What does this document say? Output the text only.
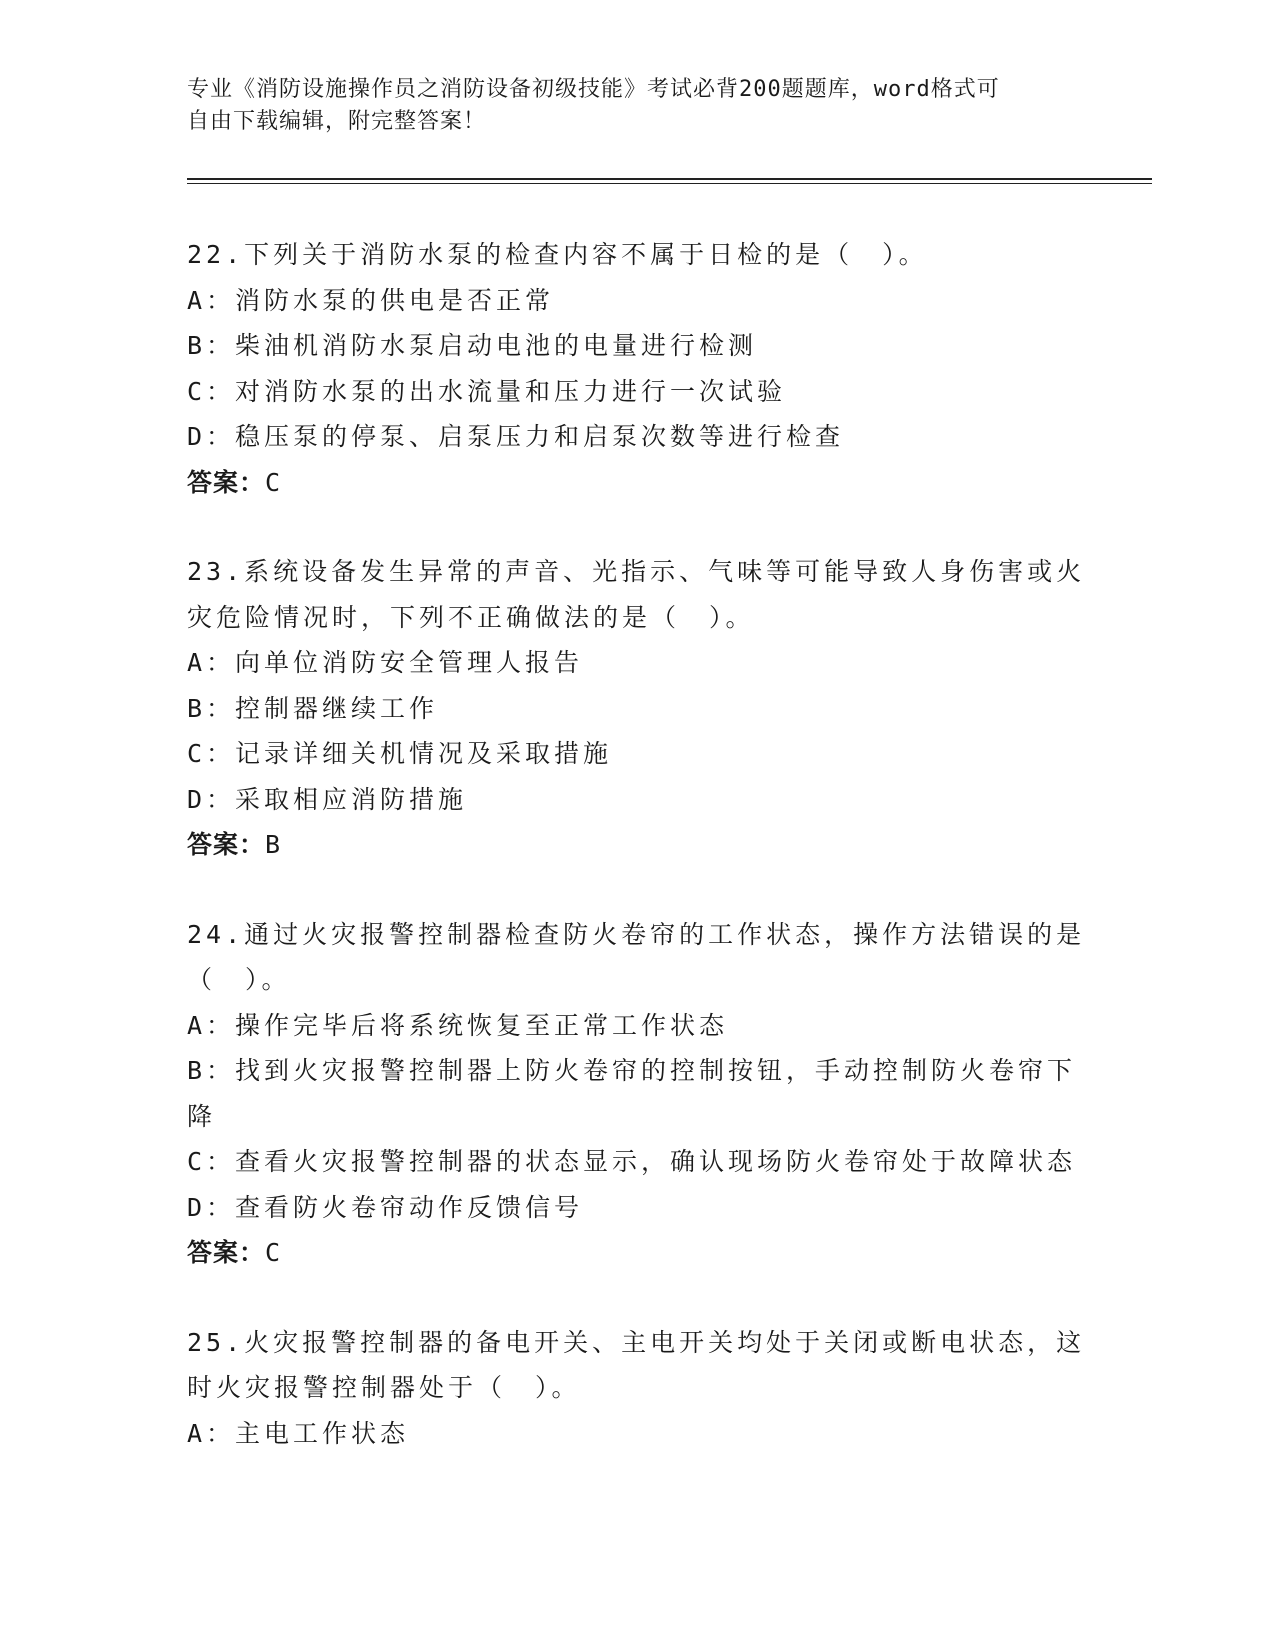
专业《消防设施操作员之消防设备初级技能》考试必背200题题库，word格式可
自由下载编辑，附完整答案！
22.下列关于消防水泵的检查内容不属于日检的是（　）。
A：消防水泵的供电是否正常
B：柴油机消防水泵启动电池的电量进行检测
C：对消防水泵的出水流量和压力进行一次试验
D：稳压泵的停泵、启泵压力和启泵次数等进行检查
答案：C
23.系统设备发生异常的声音、光指示、气味等可能导致人身伤害或火
灾危险情况时，下列不正确做法的是（　）。
A：向单位消防安全管理人报告
B：控制器继续工作
C：记录详细关机情况及采取措施
D：采取相应消防措施
答案：B
24.通过火灾报警控制器检查防火卷帘的工作状态，操作方法错误的是
（　）。
A：操作完毕后将系统恢复至正常工作状态
B：找到火灾报警控制器上防火卷帘的控制按钮，手动控制防火卷帘下
降
C：查看火灾报警控制器的状态显示，确认现场防火卷帘处于故障状态
D：查看防火卷帘动作反馈信号
答案：C
25.火灾报警控制器的备电开关、主电开关均处于关闭或断电状态，这
时火灾报警控制器处于（　）。
A：主电工作状态
